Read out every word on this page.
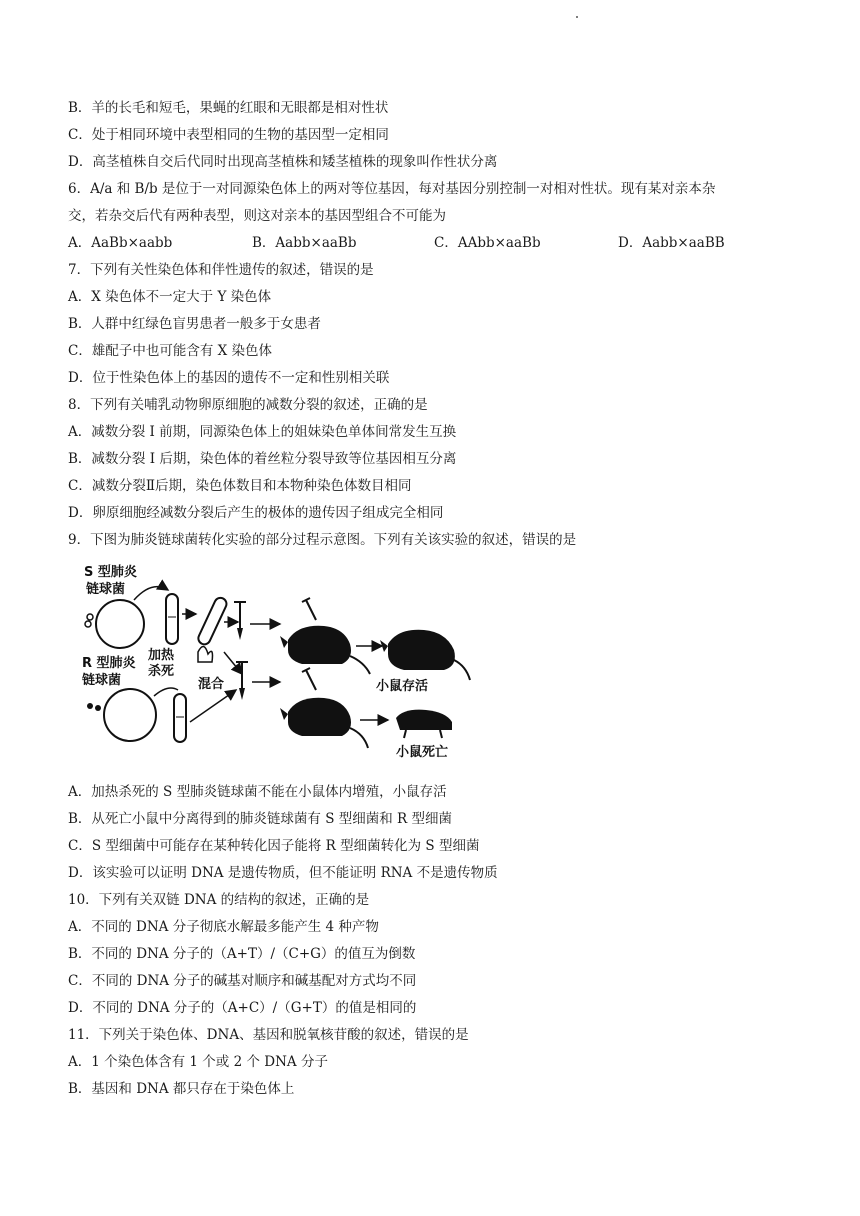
B．羊的长毛和短毛，果蝇的红眼和无眼都是相对性状
C．处于相同环境中表型相同的生物的基因型一定相同
D．高茎植株自交后代同时出现高茎植株和矮茎植株的现象叫作性状分离
6．A/a 和 B/b 是位于一对同源染色体上的两对等位基因，每对基因分别控制一对相对性状。现有某对亲本杂
交，若杂交后代有两种表型，则这对亲本的基因型组合不可能为
A．AaBb×aabb	B．Aabb×aaBb	C．AAbb×aaBb	D．Aabb×aaBB
7．下列有关性染色体和伴性遗传的叙述，错误的是
A．X 染色体不一定大于 Y 染色体
B．人群中红绿色盲男患者一般多于女患者
C．雄配子中也可能含有 X 染色体
D．位于性染色体上的基因的遗传不一定和性别相关联
8．下列有关哺乳动物卵原细胞的减数分裂的叙述，正确的是
A．减数分裂 I 前期，同源染色体上的姐妹染色单体间常发生互换
B．减数分裂 I 后期，染色体的着丝粒分裂导致等位基因相互分离
C．减数分裂Ⅱ后期，染色体数目和本物种染色体数目相同
D．卵原细胞经减数分裂后产生的极体的遗传因子组成完全相同
9．下图为肺炎链球菌转化实验的部分过程示意图。下列有关该实验的叙述，错误的是
S 型肺炎
链球菌
加热
杀死
混合
R 型肺炎
链球菌	小鼠存活
小鼠死亡
A．加热杀死的 S 型肺炎链球菌不能在小鼠体内增殖，小鼠存活
B．从死亡小鼠中分离得到的肺炎链球菌有 S 型细菌和 R 型细菌
C．S 型细菌中可能存在某种转化因子能将 R 型细菌转化为 S 型细菌
D．该实验可以证明 DNA 是遗传物质，但不能证明 RNA 不是遗传物质
10．下列有关双链 DNA 的结构的叙述，正确的是
A．不同的 DNA 分子彻底水解最多能产生 4 种产物
B．不同的 DNA 分子的（A+T）/（C+G）的值互为倒数
C．不同的 DNA 分子的碱基对顺序和碱基配对方式均不同
D．不同的 DNA 分子的（A+C）/（G+T）的值是相同的
11．下列关于染色体、DNA、基因和脱氧核苷酸的叙述，错误的是
A．1 个染色体含有 1 个或 2 个 DNA 分子
B．基因和 DNA 都只存在于染色体上
